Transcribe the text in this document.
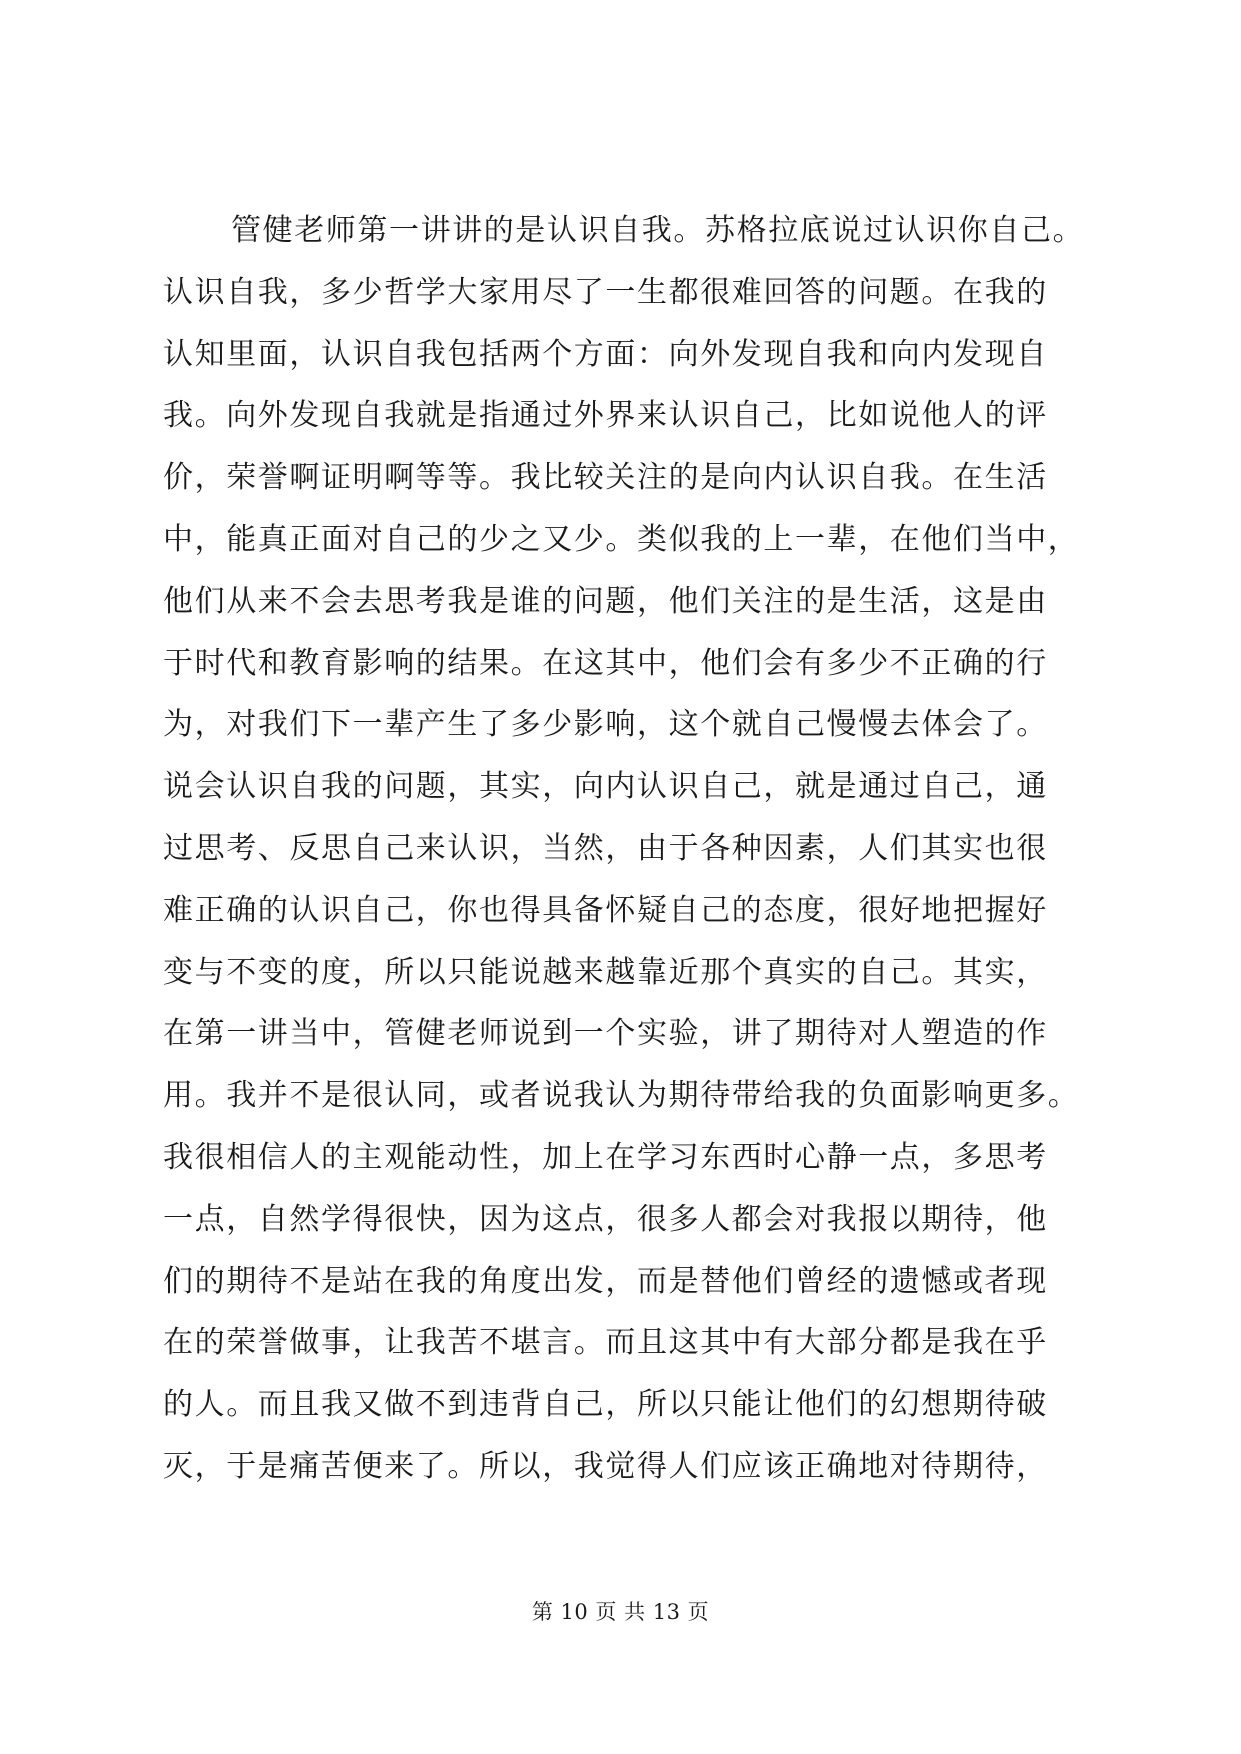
管健老师第一讲讲的是认识自我。苏格拉底说过认识你自己。
认识自我，多少哲学大家用尽了一生都很难回答的问题。在我的
认知里面，认识自我包括两个方面：向外发现自我和向内发现自
我。向外发现自我就是指通过外界来认识自己，比如说他人的评
价，荣誉啊证明啊等等。我比较关注的是向内认识自我。在生活
中，能真正面对自己的少之又少。类似我的上一辈，在他们当中，
他们从来不会去思考我是谁的问题，他们关注的是生活，这是由
于时代和教育影响的结果。在这其中，他们会有多少不正确的行
为，对我们下一辈产生了多少影响，这个就自己慢慢去体会了。
说会认识自我的问题，其实，向内认识自己，就是通过自己，通
过思考、反思自己来认识，当然，由于各种因素，人们其实也很
难正确的认识自己，你也得具备怀疑自己的态度，很好地把握好
变与不变的度，所以只能说越来越靠近那个真实的自己。其实，
在第一讲当中，管健老师说到一个实验，讲了期待对人塑造的作
用。我并不是很认同，或者说我认为期待带给我的负面影响更多。
我很相信人的主观能动性，加上在学习东西时心静一点，多思考
一点，自然学得很快，因为这点，很多人都会对我报以期待，他
们的期待不是站在我的角度出发，而是替他们曾经的遗憾或者现
在的荣誉做事，让我苦不堪言。而且这其中有大部分都是我在乎
的人。而且我又做不到违背自己，所以只能让他们的幻想期待破
灭，于是痛苦便来了。所以，我觉得人们应该正确地对待期待，
第 10 页 共 13 页
